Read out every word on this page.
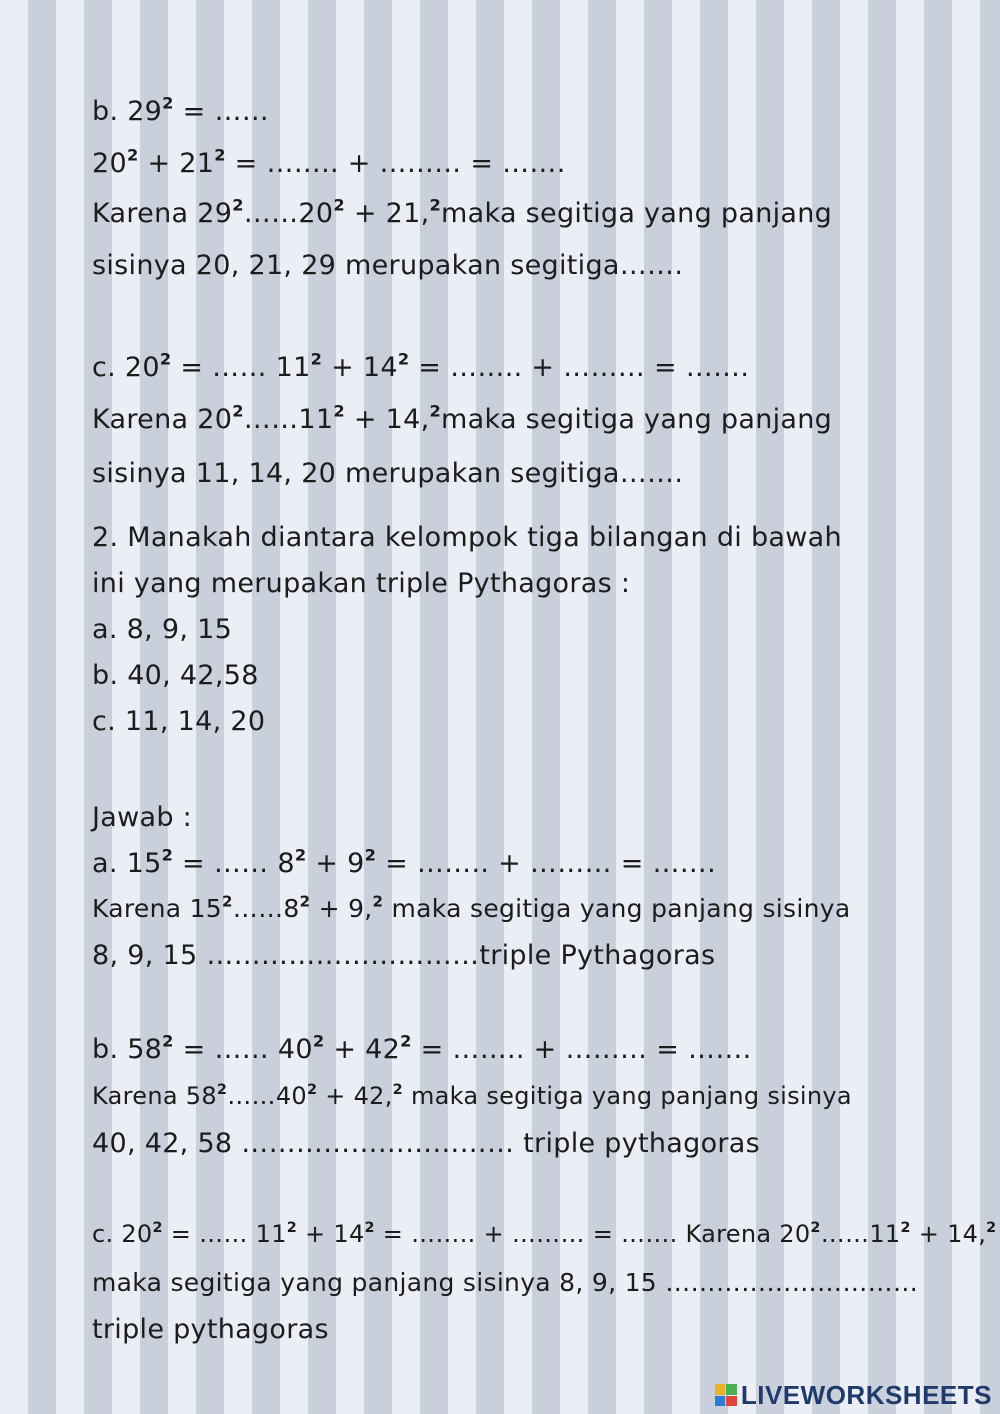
b. $29^2$ = ……
$20^2 + 21^2$ = …….. + ……… = …….
Karena $29^2\dots\dots 20^2$ + 21,$^2$maka segitiga yang panjang
sisinya 20, 21, 29 merupakan segitiga…….
c. $20^2$ = …… $11^2 + 14^2$ = …….. + ……… = …….
Karena $20^2\dots\dots 11^2$ + 14,$^2$maka segitiga yang panjang
sisinya 11, 14, 20 merupakan segitiga…….
2. Manakah diantara kelompok tiga bilangan di bawah
ini yang merupakan triple Pythagoras :
a. 8, 9, 15
b. 40, 42,58
c. 11, 14, 20
Jawab :
a. $15^2$ = …… $8^2 + 9^2$ = …….. + ……… = …….
Karena $15^2\dots\dots 8^2 + 9,^2$ maka segitiga yang panjang sisinya
8, 9, 15 …………………………triple Pythagoras
b. $58^2$ = …… $40^2 + 42^2$ = …….. + ……… = …….
Karena $58^2\dots\dots 40^2 + 42,^2$ maka segitiga yang panjang sisinya
40, 42, 58 ………………………… triple pythagoras
c. $20^2$ = …… $11^2 + 14^2$ = …….. + ……… = ……. Karena $20^2\dots\dots 11^2 + 14,^2$
maka segitiga yang panjang sisinya 8, 9, 15 …………………………
triple pythagoras
LIVEWORKSHEETS
